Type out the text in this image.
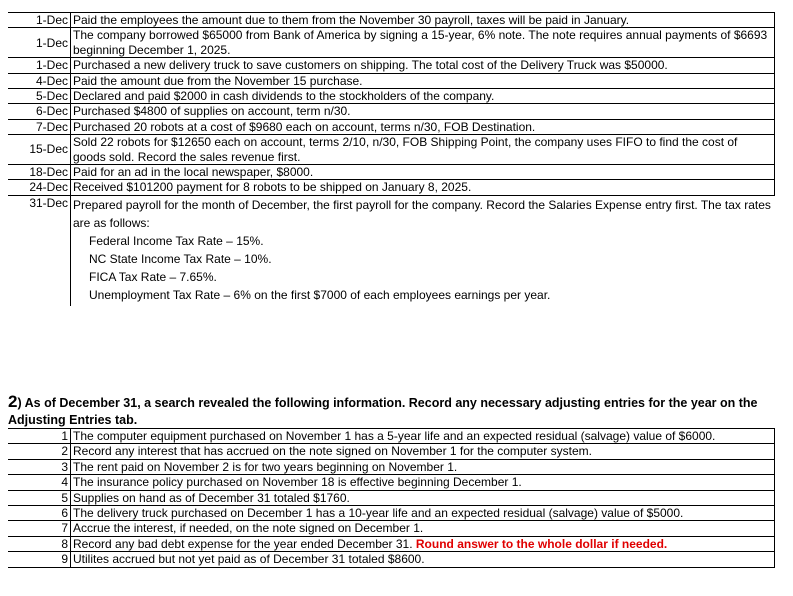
1-Dec	Paid the employees the amount due to them from the November 30 payroll, taxes will be paid in January.
1-Dec	The company borrowed $65000 from Bank of America by signing a 15-year, 6% note. The note requires annual payments of $6693 beginning December 1, 2025.
1-Dec	Purchased a new delivery truck to save customers on shipping. The total cost of the Delivery Truck was $50000.
4-Dec	Paid the amount due from the November 15 purchase.
5-Dec	Declared and paid $2000 in cash dividends to the stockholders of the company.
6-Dec	Purchased $4800 of supplies on account, term n/30.
7-Dec	Purchased 20 robots at a cost of $9680 each on account, terms n/30, FOB Destination.
15-Dec	Sold 22 robots for $12650 each on account, terms 2/10, n/30, FOB Shipping Point, the company uses FIFO to find the cost of goods sold. Record the sales revenue first.
18-Dec	Paid for an ad in the local newspaper, $8000.
24-Dec	Received $101200 payment for 8 robots to be shipped on January 8, 2025.
31-Dec	Prepared payroll for the month of December, the first payroll for the company. Record the Salaries Expense entry first. The tax rates are as follows:
Federal Income Tax Rate – 15%.
NC State Income Tax Rate – 10%.
FICA Tax Rate – 7.65%.
Unemployment Tax Rate – 6% on the first $7000 of each employees earnings per year.
2) As of December 31, a search revealed the following information. Record any necessary adjusting entries for the year on the Adjusting Entries tab.
1	The computer equipment purchased on November 1 has a 5-year life and an expected residual (salvage) value of $6000.
2	Record any interest that has accrued on the note signed on November 1 for the computer system.
3	The rent paid on November 2 is for two years beginning on November 1.
4	The insurance policy purchased on November 18 is effective beginning December 1.
5	Supplies on hand as of December 31 totaled $1760.
6	The delivery truck purchased on December 1 has a 10-year life and an expected residual (salvage) value of $5000.
7	Accrue the interest, if needed, on the note signed on December 1.
8	Record any bad debt expense for the year ended December 31. Round answer to the whole dollar if needed.
9	Utilites accrued but not yet paid as of December 31 totaled $8600.
